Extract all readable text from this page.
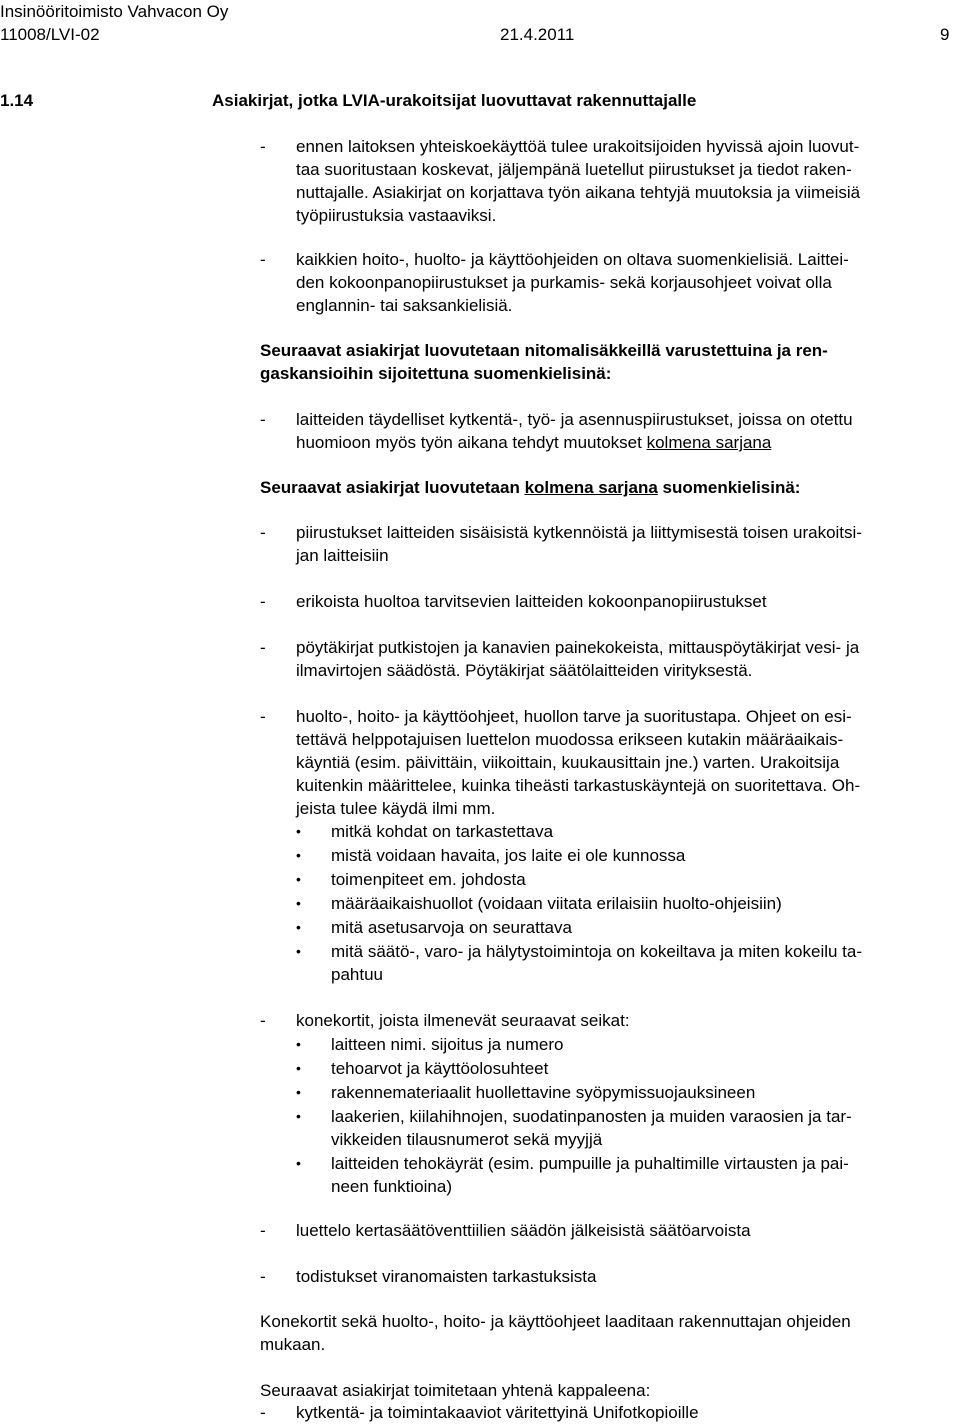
Insinööritoimisto Vahvacon Oy
11008/LVI-02	21.4.2011	9
1.14	Asiakirjat, jotka LVIA-urakoitsijat luovuttavat rakennuttajalle
- ennen laitoksen yhteiskoekäyttöä tulee urakoitsijoiden hyvissä ajoin luovut-
taa suoritustaan koskevat, jäljempänä luetellut piirustukset ja tiedot raken-
nuttajalle. Asiakirjat on korjattava työn aikana tehtyjä muutoksia ja viimeisiä
työpiirustuksia vastaaviksi.
- kaikkien hoito-, huolto- ja käyttöohjeiden on oltava suomenkielisiä. Laittei-
den kokoonpanopiirustukset ja purkamis- sekä korjausohjeet voivat olla
englannin- tai saksankielisiä.
Seuraavat asiakirjat luovutetaan nitomalisäkkeillä varustettuina ja ren-
gaskansioihin sijoitettuna suomenkielisinä:
- laitteiden täydelliset kytkentä-, työ- ja asennuspiirustukset, joissa on otettu
huomioon myös työn aikana tehdyt muutokset kolmena sarjana
Seuraavat asiakirjat luovutetaan kolmena sarjana suomenkielisinä:
- piirustukset laitteiden sisäisistä kytkennöistä ja liittymisestä toisen urakoitsi-
jan laitteisiin
- erikoista huoltoa tarvitsevien laitteiden kokoonpanopiirustukset
- pöytäkirjat putkistojen ja kanavien painekokeista, mittauspöytäkirjat vesi- ja
ilmavirtojen säädöstä. Pöytäkirjat säätölaitteiden virityksestä.
- huolto-, hoito- ja käyttöohjeet, huollon tarve ja suoritustapa. Ohjeet on esi-
tettävä helppotajuisen luettelon muodossa erikseen kutakin määräaikais-
käyntiä (esim. päivittäin, viikoittain, kuukausittain jne.) varten. Urakoitsija
kuitenkin määrittelee, kuinka tiheästi tarkastuskäyntejä on suoritettava. Oh-
jeista tulee käydä ilmi mm.
• mitkä kohdat on tarkastettava
• mistä voidaan havaita, jos laite ei ole kunnossa
• toimenpiteet em. johdosta
• määräaikaishuollot (voidaan viitata erilaisiin huolto-ohjeisiin)
• mitä asetusarvoja on seurattava
• mitä säätö-, varo- ja hälytystoimintoja on kokeiltava ja miten kokeilu ta-
pahtuu
- konekortit, joista ilmenevät seuraavat seikat:
• laitteen nimi. sijoitus ja numero
• tehoarvot ja käyttöolosuhteet
• rakennemateriaalit huollettavine syöpymissuojauksineen
• laakerien, kiilahihnojen, suodatinpanosten ja muiden varaosien ja tar-
vikkeiden tilausnumerot sekä myyjjä
• laitteiden tehokäyrät (esim. pumpuille ja puhaltimille virtausten ja pai-
neen funktioina)
- luettelo kertasäätöventtiilien säädön jälkeisistä säätöarvoista
- todistukset viranomaisten tarkastuksista
Konekortit sekä huolto-, hoito- ja käyttöohjeet laaditaan rakennuttajan ohjeiden
mukaan.
Seuraavat asiakirjat toimitetaan yhtenä kappaleena:
- kytkentä- ja toimintakaaviot väritettyinä Unifotkopioille
